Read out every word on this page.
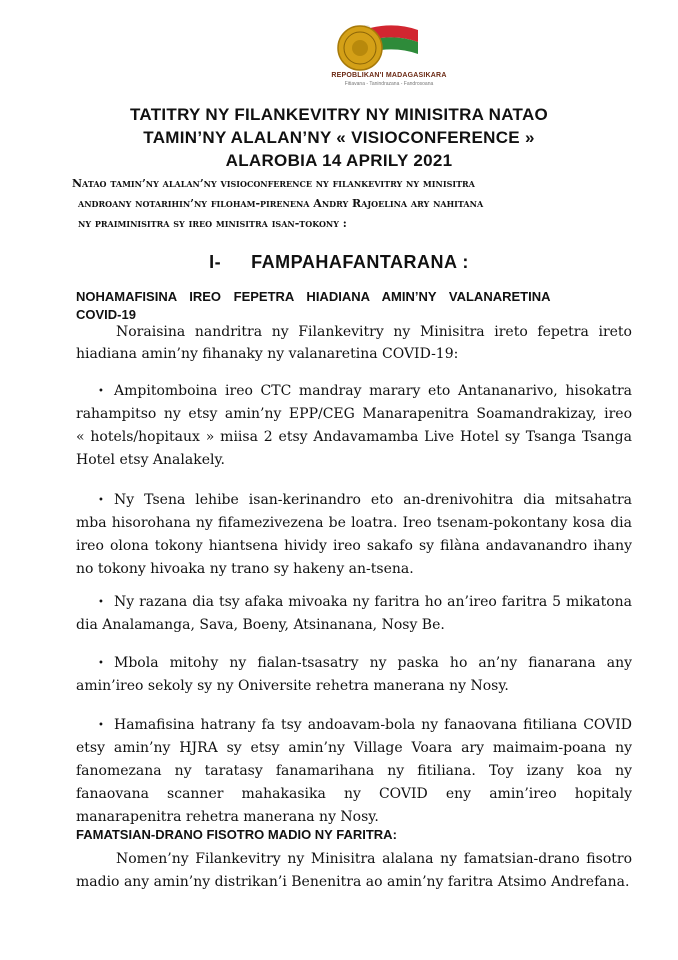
REPOBLIKAN'I MADAGASIKARA
Fitiavana - Tanindrazana - Fandrosoana
TATITRY NY FILANKEVITRY NY MINISITRA NATAO
TAMIN’NY ALALAN’NY « VISIOCONFERENCE »
ALAROBIA 14 APRILY 2021
Natao tamin’ny alalan’ny visioconference ny filankevitry ny minisitra
androany notarihin’ny filoham-pirenena Andry Rajoelina ary nahitana
ny praiminisitra sy ireo minisitra isan-tokony :
I- FAMPAHAFANTARANA :
NOHAMAFISINA IREO FEPETRA HIADIANA AMIN’NY VALANARETINA
COVID-19
Noraisina nandritra ny Filankevitry ny Minisitra ireto fepetra ireto
hiadiana amin’ny fihanaky ny valanaretina COVID-19:
• Ampitomboina ireo CTC mandray marary eto Antananarivo, hisokatra
rahampitso ny etsy amin’ny EPP/CEG Manarapenitra Soamandrakizay, ireo
« hotels/hopitaux » miisa 2 etsy Andavamamba Live Hotel sy Tsanga Tsanga
Hotel etsy Analakely.
• Ny Tsena lehibe isan-kerinandro eto an-drenivohitra dia mitsahatra
mba hisorohana ny fifamezivezena be loatra. Ireo tsenam-pokontany kosa dia
ireo olona tokony hiantsena hividy ireo sakafo sy filàna andavanandro ihany
no tokony hivoaka ny trano sy hakeny an-tsena.
• Ny razana dia tsy afaka mivoaka ny faritra ho an’ireo faritra 5 mikatona
dia Analamanga, Sava, Boeny, Atsinanana, Nosy Be.
• Mbola mitohy ny fialan-tsasatry ny paska ho an’ny fianarana any
amin’ireo sekoly sy ny Oniversite rehetra manerana ny Nosy.
• Hamafisina hatrany fa tsy andoavam-bola ny fanaovana fitiliana COVID
etsy amin’ny HJRA sy etsy amin’ny Village Voara ary maimaim-poana ny
fanomezana ny taratasy fanamarihana ny fitiliana. Toy izany koa ny
fanaovana scanner mahakasika ny COVID eny amin’ireo hopitaly
manarapenitra rehetra manerana ny Nosy.
FAMATSIAN-DRANO FISOTRO MADIO NY FARITRA:
Nomen’ny Filankevitry ny Minisitra alalana ny famatsian-drano fisotro
madio any amin’ny distrikan’i Benenitra ao amin’ny faritra Atsimo Andrefana.
